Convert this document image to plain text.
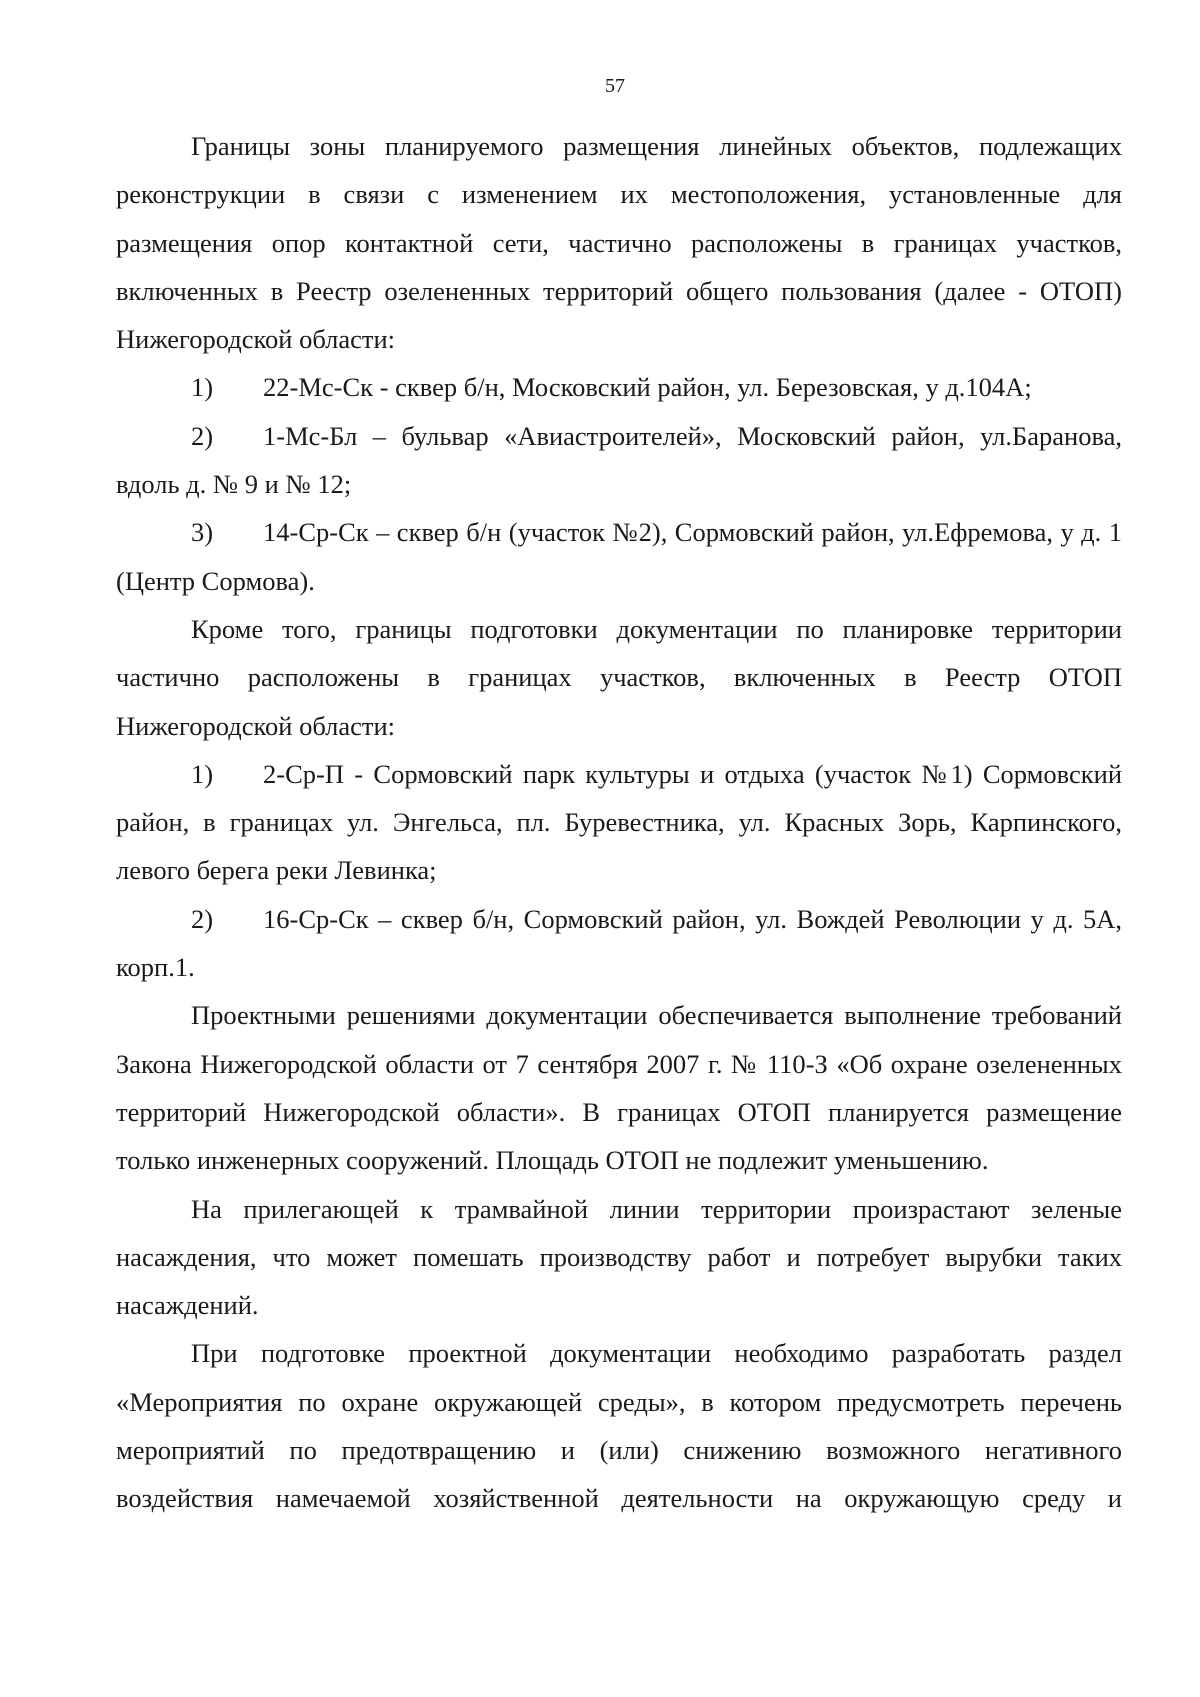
57

Границы зоны планируемого размещения линейных объектов, подлежащих реконструкции в связи с изменением их местоположения, установленные для размещения опор контактной сети, частично расположены в границах участков, включенных в Реестр озелененных территорий общего пользования (далее - ОТОП) Нижегородской области:

1) 22-Мс-Ск - сквер б/н, Московский район, ул. Березовская, у д.104А;

2) 1-Мс-Бл – бульвар «Авиастроителей», Московский район, ул.Баранова, вдоль д. № 9 и № 12;

3) 14-Ср-Ск – сквер б/н (участок №2), Сормовский район, ул.Ефремова, у д. 1 (Центр Сормова).

Кроме того, границы подготовки документации по планировке территории частично расположены в границах участков, включенных в Реестр ОТОП Нижегородской области:

1) 2-Ср-П - Сормовский парк культуры и отдыха (участок №1) Сормовский район, в границах ул. Энгельса, пл. Буревестника, ул. Красных Зорь, Карпинского, левого берега реки Левинка;

2) 16-Ср-Ск – сквер б/н, Сормовский район, ул. Вождей Революции у д. 5А, корп.1.

Проектными решениями документации обеспечивается выполнение требований Закона Нижегородской области от 7 сентября 2007 г. № 110-З «Об охране озелененных территорий Нижегородской области». В границах ОТОП планируется размещение только инженерных сооружений. Площадь ОТОП не подлежит уменьшению.

На прилегающей к трамвайной линии территории произрастают зеленые насаждения, что может помешать производству работ и потребует вырубки таких насаждений.

При подготовке проектной документации необходимо разработать раздел «Мероприятия по охране окружающей среды», в котором предусмотреть перечень мероприятий по предотвращению и (или) снижению возможного негативного воздействия намечаемой хозяйственной деятельности на окружающую среду и
